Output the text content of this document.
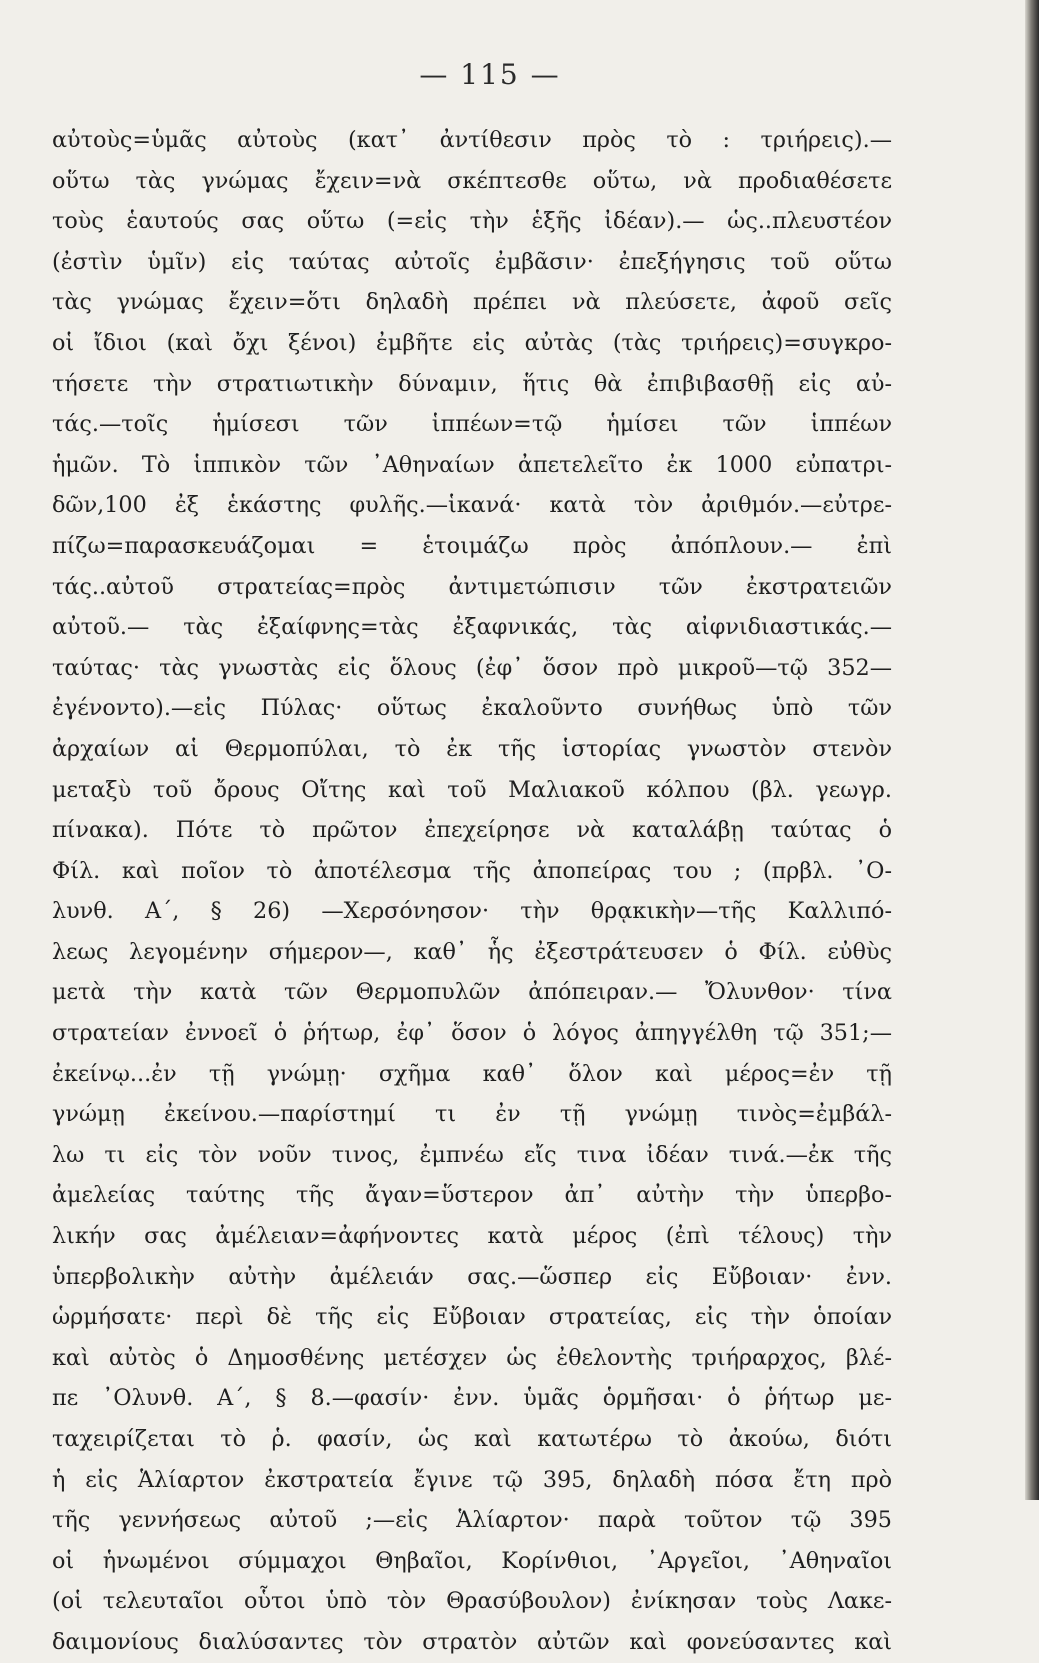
— 115 —
αὐτοὺς=ὑμᾶς αὐτοὺς (κατ᾽ ἀντίθεσιν πρὸς τὸ : τριήρεις).—
οὕτω τὰς γνώμας ἔχειν=νὰ σκέπτεσθε οὕτω, νὰ προδιαθέσετε
τοὺς ἑαυτούς σας οὕτω (=εἰς τὴν ἑξῆς ἰδέαν).— ὡς..πλευστέον
(ἐστὶν ὑμῖν) εἰς ταύτας αὐτοῖς ἐμβᾶσιν· ἐπεξήγησις τοῦ οὕτω
τὰς γνώμας ἔχειν=ὅτι δηλαδὴ πρέπει νὰ πλεύσετε, ἀφοῦ σεῖς
οἱ ἴδιοι (καὶ ὄχι ξένοι) ἐμβῆτε εἰς αὐτὰς (τὰς τριήρεις)=συγκρο-
τήσετε τὴν στρατιωτικὴν δύναμιν, ἥτις θὰ ἐπιβιβασθῇ εἰς αὐ-
τάς.—τοῖς ἡμίσεσι τῶν ἱππέων=τῷ ἡμίσει τῶν ἱππέων
ἡμῶν. Τὸ ἱππικὸν τῶν ᾿Αθηναίων ἀπετελεῖτο ἐκ 1000 εὐπατρι-
δῶν,100 ἐξ ἑκάστης φυλῆς.—ἱκανά· κατὰ τὸν ἀριθμόν.—εὐτρε-
πίζω=παρασκευάζομαι = ἑτοιμάζω πρὸς ἀπόπλουν.— ἐπὶ
τάς..αὐτοῦ στρατείας=πρὸς ἀντιμετώπισιν τῶν ἐκστρατειῶν
αὐτοῦ.— τὰς ἐξαίφνης=τὰς ἐξαφνικάς, τὰς αἰφνιδιαστικάς.—
ταύτας· τὰς γνωστὰς εἰς ὅλους (ἐφ᾽ ὅσον πρὸ μικροῦ—τῷ 352—
ἐγένοντο).—εἰς Πύλας· οὕτως ἐκαλοῦντο συνήθως ὑπὸ τῶν
ἀρχαίων αἱ Θερμοπύλαι, τὸ ἐκ τῆς ἱστορίας γνωστὸν στενὸν
μεταξὺ τοῦ ὄρους Οἴτης καὶ τοῦ Μαλιακοῦ κόλπου (βλ. γεωγρ.
πίνακα). Πότε τὸ πρῶτον ἐπεχείρησε νὰ καταλάβῃ ταύτας ὁ
Φίλ. καὶ ποῖον τὸ ἀποτέλεσμα τῆς ἀποπείρας του ; (πρβλ. ᾿Ο-
λυνθ. Α΄, § 26) —Χερσόνησον· τὴν θρᾳκικὴν—τῆς Καλλιπό-
λεως λεγομένην σήμερον—, καθ᾽ ἧς ἐξεστράτευσεν ὁ Φίλ. εὐθὺς
μετὰ τὴν κατὰ τῶν Θερμοπυλῶν ἀπόπειραν.— Ὄλυνθον· τίνα
στρατείαν ἐννοεῖ ὁ ῥήτωρ, ἐφ᾽ ὅσον ὁ λόγος ἀπηγγέλθη τῷ 351;—
ἐκείνῳ...ἐν τῇ γνώμῃ· σχῆμα καθ᾽ ὅλον καὶ μέρος=ἐν τῇ
γνώμῃ ἐκείνου.—παρίστημί τι ἐν τῇ γνώμῃ τινὸς=ἐμβάλ-
λω τι εἰς τὸν νοῦν τινος, ἐμπνέω εἴς τινα ἰδέαν τινά.—ἐκ τῆς
ἀμελείας ταύτης τῆς ἄγαν=ὕστερον ἀπ᾽ αὐτὴν τὴν ὑπερβο-
λικήν σας ἀμέλειαν=ἀφήνοντες κατὰ μέρος (ἐπὶ τέλους) τὴν
ὑπερβολικὴν αὐτὴν ἀμέλειάν σας.—ὥσπερ εἰς Εὔβοιαν· ἐνν.
ὡρμήσατε· περὶ δὲ τῆς εἰς Εὔβοιαν στρατείας, εἰς τὴν ὁποίαν
καὶ αὐτὸς ὁ Δημοσθένης μετέσχεν ὡς ἐθελοντὴς τριήραρχος, βλέ-
πε ᾿Ολυνθ. Α΄, § 8.—φασίν· ἐνν. ὑμᾶς ὁρμῆσαι· ὁ ῥήτωρ με-
ταχειρίζεται τὸ ῥ. φασίν, ὡς καὶ κατωτέρω τὸ ἀκούω, διότι
ἡ εἰς Ἁλίαρτον ἐκστρατεία ἔγινε τῷ 395, δηλαδὴ πόσα ἔτη πρὸ
τῆς γεννήσεως αὐτοῦ ;—εἰς Ἁλίαρτον· παρὰ τοῦτον τῷ 395
οἱ ἡνωμένοι σύμμαχοι Θηβαῖοι, Κορίνθιοι, ᾿Αργεῖοι, ᾿Αθηναῖοι
(οἱ τελευταῖοι οὗτοι ὑπὸ τὸν Θρασύβουλον) ἐνίκησαν τοὺς Λακε-
δαιμονίους διαλύσαντες τὸν στρατὸν αὐτῶν καὶ φονεύσαντες καὶ
